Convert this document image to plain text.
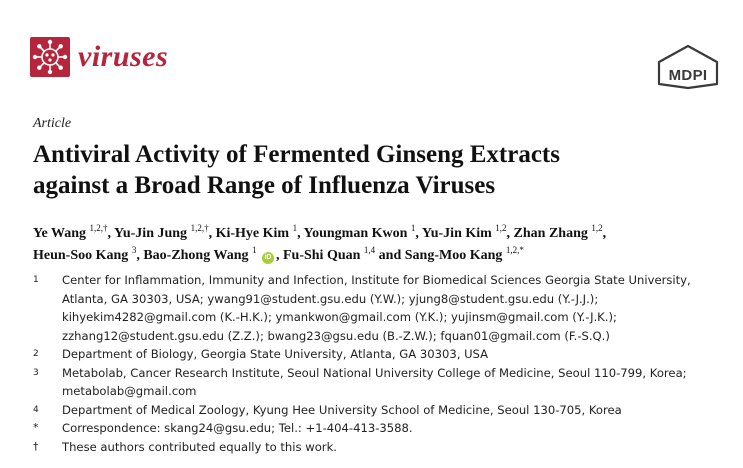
viruses
MDPI
Article
Antiviral Activity of Fermented Ginseng Extracts
against a Broad Range of Influenza Viruses
Ye Wang $^{1,2,\dagger}$, Yu-Jin Jung $^{1,2,\dagger}$, Ki-Hye Kim $^1$, Youngman Kwon $^1$, Yu-Jin Kim $^{1,2}$, Zhan Zhang $^{1,2}$,
Heun-Soo Kang $^3$, Bao-Zhong Wang $^1$ iD , Fu-Shi Quan $^{1,4}$ and Sang-Moo Kang $^{1,2,*}$
1	Center for Inflammation, Immunity and Infection, Institute for Biomedical Sciences Georgia State University,
Atlanta, GA 30303, USA; ywang91@student.gsu.edu (Y.W.); yjung8@student.gsu.edu (Y.-J.J.);
kihyekim4282@gmail.com (K.-H.K.); ymankwon@gmail.com (Y.K.); yujinsm@gmail.com (Y.-J.K.);
zzhang12@student.gsu.edu (Z.Z.); bwang23@gsu.edu (B.-Z.W.); fquan01@gmail.com (F.-S.Q.)
2	Department of Biology, Georgia State University, Atlanta, GA 30303, USA
3	Metabolab, Cancer Research Institute, Seoul National University College of Medicine, Seoul 110-799, Korea;
metabolab@gmail.com
4	Department of Medical Zoology, Kyung Hee University School of Medicine, Seoul 130-705, Korea
*	Correspondence: skang24@gsu.edu; Tel.: +1-404-413-3588.
†	These authors contributed equally to this work.
